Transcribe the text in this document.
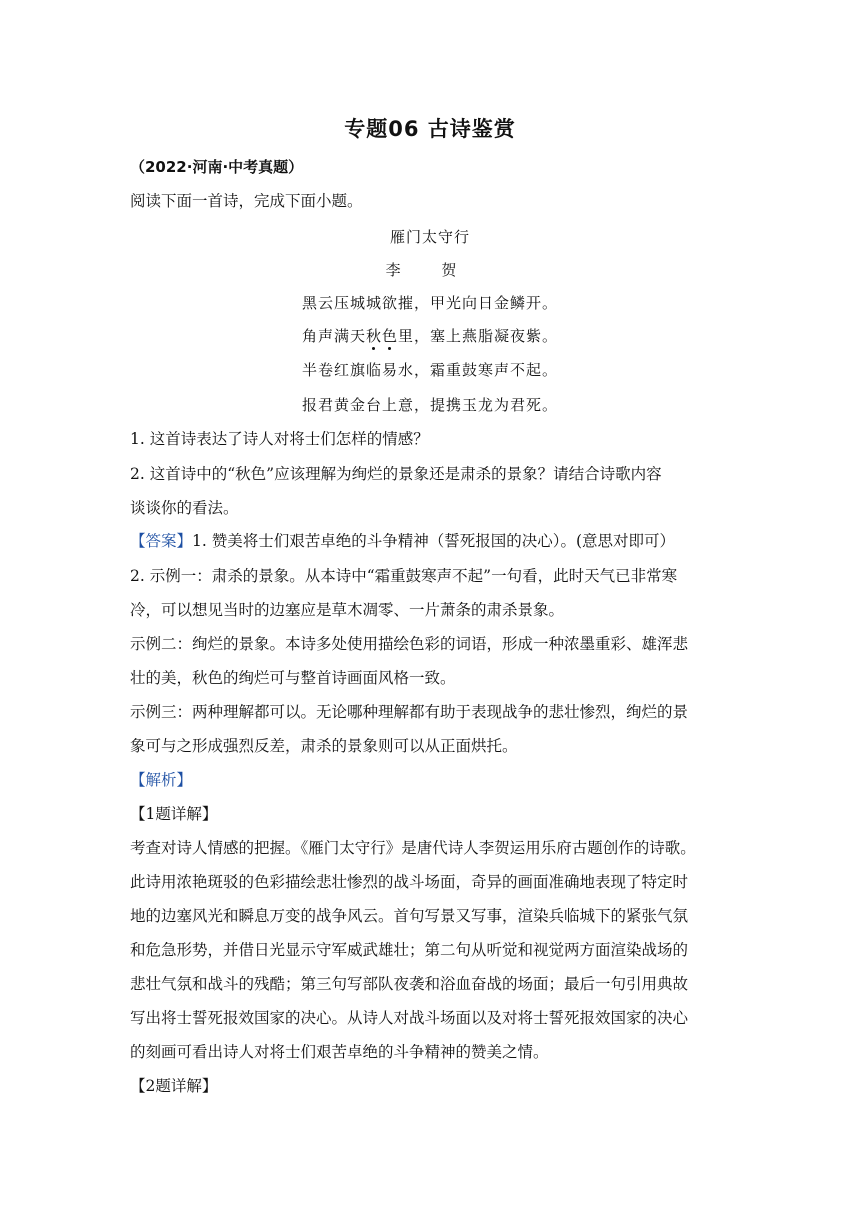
专题06 古诗鉴赏
（2022·河南·中考真题）
阅读下面一首诗，完成下面小题。
雁门太守行
李 贺
黑云压城城欲摧，甲光向日金鳞开。
角声满天秋色里，塞上燕脂凝夜紫。
半卷红旗临易水，霜重鼓寒声不起。
报君黄金台上意，提携玉龙为君死。
1. 这首诗表达了诗人对将士们怎样的情感？
2. 这首诗中的“秋色”应该理解为绚烂的景象还是肃杀的景象？请结合诗歌内容
谈谈你的看法。
【答案】1. 赞美将士们艰苦卓绝的斗争精神（誓死报国的决心）。(意思对即可）
2. 示例一：肃杀的景象。从本诗中“霜重鼓寒声不起”一句看，此时天气已非常寒
冷，可以想见当时的边塞应是草木凋零、一片萧条的肃杀景象。
示例二：绚烂的景象。本诗多处使用描绘色彩的词语，形成一种浓墨重彩、雄浑悲
壮的美，秋色的绚烂可与整首诗画面风格一致。
示例三：两种理解都可以。无论哪种理解都有助于表现战争的悲壮惨烈，绚烂的景
象可与之形成强烈反差，肃杀的景象则可以从正面烘托。
【解析】
【1题详解】
考查对诗人情感的把握。《雁门太守行》是唐代诗人李贺运用乐府古题创作的诗歌。
此诗用浓艳斑驳的色彩描绘悲壮惨烈的战斗场面，奇异的画面准确地表现了特定时
地的边塞风光和瞬息万变的战争风云。首句写景又写事，渲染兵临城下的紧张气氛
和危急形势，并借日光显示守军威武雄壮；第二句从听觉和视觉两方面渲染战场的
悲壮气氛和战斗的残酷；第三句写部队夜袭和浴血奋战的场面；最后一句引用典故
写出将士誓死报效国家的决心。从诗人对战斗场面以及对将士誓死报效国家的决心
的刻画可看出诗人对将士们艰苦卓绝的斗争精神的赞美之情。
【2题详解】
